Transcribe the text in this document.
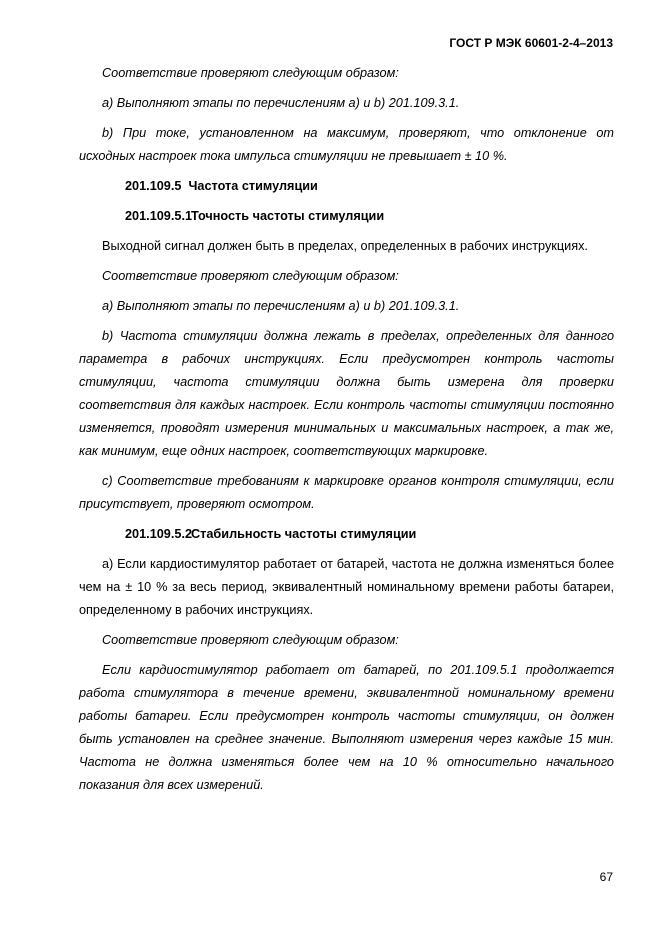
ГОСТ Р МЭК 60601-2-4–2013

Соответствие проверяют следующим образом:

a) Выполняют этапы по перечислениям a) и b) 201.109.3.1.

b) При токе, установленном на максимум, проверяют, что отклонение от исходных настроек тока импульса стимуляции не превышает ± 10 %.

201.109.5 Частота стимуляции

201.109.5.1Точность частоты стимуляции

Выходной сигнал должен быть в пределах, определенных в рабочих инструкциях.

Соответствие проверяют следующим образом:

a) Выполняют этапы по перечислениям a) и b) 201.109.3.1.

b) Частота стимуляции должна лежать в пределах, определенных для данного параметра в рабочих инструкциях. Если предусмотрен контроль частоты стимуляции, частота стимуляции должна быть измерена для проверки соответствия для каждых настроек. Если контроль частоты стимуляции постоянно изменяется, проводят измерения минимальных и максимальных настроек, а так же, как минимум, еще одних настроек, соответствующих маркировке.

c) Соответствие требованиям к маркировке органов контроля стимуляции, если присутствует, проверяют осмотром.

201.109.5.2Стабильность частоты стимуляции

a) Если кардиостимулятор работает от батарей, частота не должна изменяться более чем на ± 10 % за весь период, эквивалентный номинальному времени работы батареи, определенному в рабочих инструкциях.

Соответствие проверяют следующим образом:

Если кардиостимулятор работает от батарей, по 201.109.5.1 продолжается работа стимулятора в течение времени, эквивалентной номинальному времени работы батареи. Если предусмотрен контроль частоты стимуляции, он должен быть установлен на среднее значение. Выполняют измерения через каждые 15 мин. Частота не должна изменяться более чем на 10 % относительно начального показания для всех измерений.

67
